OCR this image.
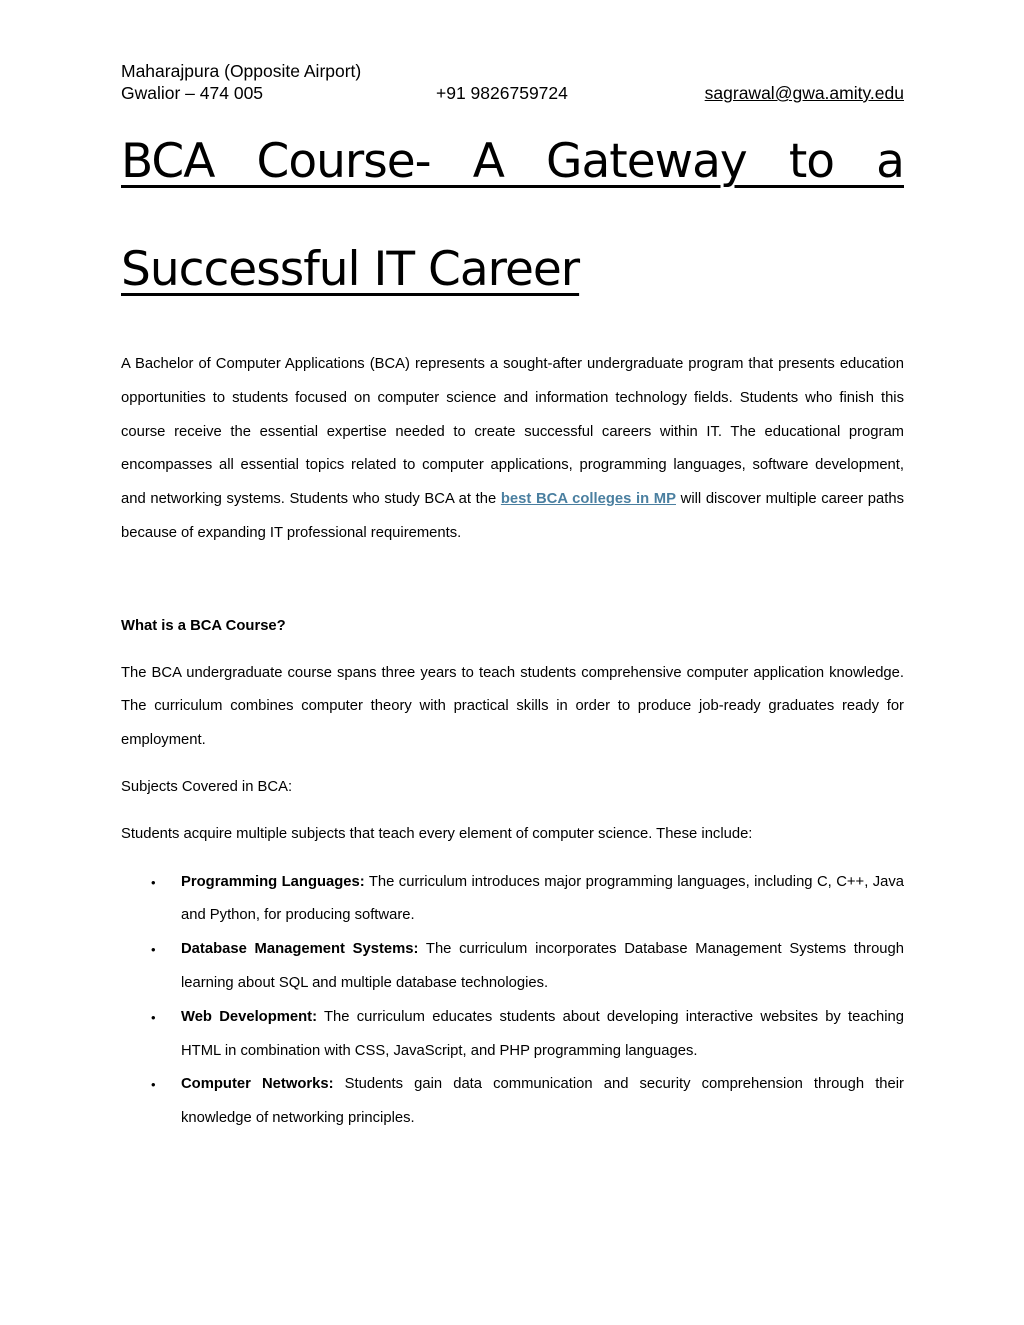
Maharajpura (Opposite Airport)
Gwalior – 474 005	+91 9826759724	sagrawal@gwa.amity.edu
BCA Course- A Gateway to a
Successful IT Career

A Bachelor of Computer Applications (BCA) represents a sought-after undergraduate program that presents education opportunities to students focused on computer science and information technology fields. Students who finish this course receive the essential expertise needed to create successful careers within IT. The educational program encompasses all essential topics related to computer applications, programming languages, software development, and networking systems. Students who study BCA at the best BCA colleges in MP will discover multiple career paths because of expanding IT professional requirements.

What is a BCA Course?

The BCA undergraduate course spans three years to teach students comprehensive computer application knowledge. The curriculum combines computer theory with practical skills in order to produce job-ready graduates ready for employment.

Subjects Covered in BCA:

Students acquire multiple subjects that teach every element of computer science. These include:

• Programming Languages: The curriculum introduces major programming languages, including C, C++, Java and Python, for producing software.
• Database Management Systems: The curriculum incorporates Database Management Systems through learning about SQL and multiple database technologies.
• Web Development: The curriculum educates students about developing interactive websites by teaching HTML in combination with CSS, JavaScript, and PHP programming languages.
• Computer Networks: Students gain data communication and security comprehension through their knowledge of networking principles.
